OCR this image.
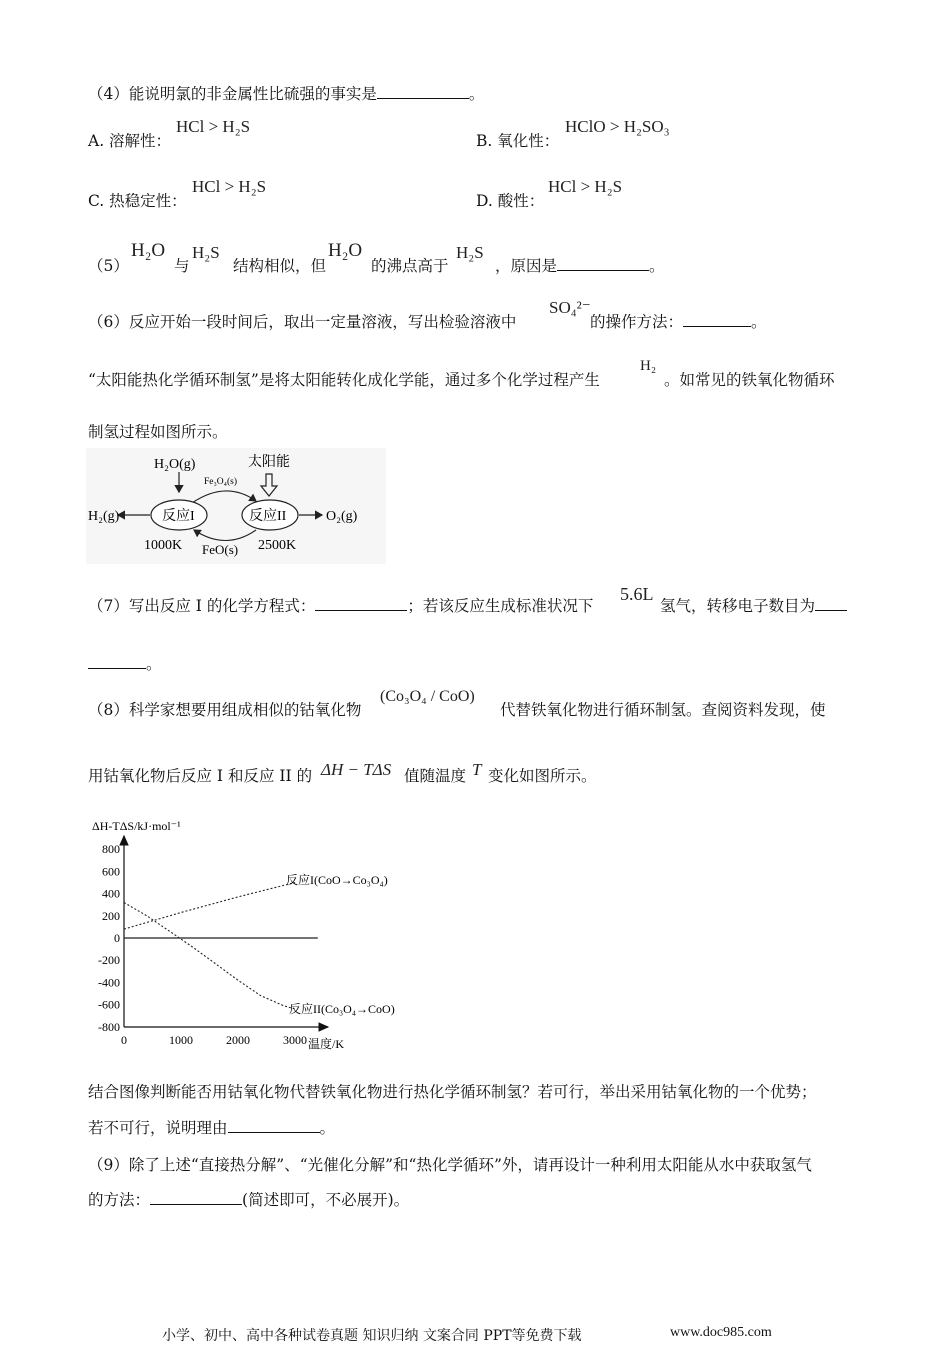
（4）能说明氯的非金属性比硫强的事实是	。
A. 溶解性：
HCl > H₂S
B. 氧化性：
HClO > H₂SO₃
C. 热稳定性：
HCl > H₂S
D. 酸性：
HCl > H₂S
（5）
H₂O
与
H₂S
结构相似，但
H₂O
的沸点高于
H₂S
，原因是	。
（6）反应开始一段时间后，取出一定量溶液，写出检验溶液中
SO₄²⁻
的操作方法：	。
“太阳能热化学循环制氢”是将太阳能转化成化学能，通过多个化学过程产生
H₂
。如常见的铁氧化物循环
制氢过程如图所示。
H₂O(g)	太阳能
Fe₃O₄(s)
反应I	反应II
H₂(g)	O₂(g)
1000K FeO(s) 2500K
（7）写出反应 I 的化学方程式：	；若该反应生成标准状况下
5.6L
氢气，转移电子数目为
。
（8）科学家想要用组成相似的钴氧化物
(Co₃O₄ / CoO)
代替铁氧化物进行循环制氢。查阅资料发现，使
用钴氧化物后反应 I 和反应 II 的 ΔH − TΔS 值随温度 T 变化如图所示。
ΔH-TΔS/kJ·mol⁻¹
800
600
400
200
0
-200
-400
-600
-800
0	1000	2000	3000
反应I(CoO→Co₃O₄)
反应II(Co₃O₄→CoO)
温度/K
结合图像判断能否用钴氧化物代替铁氧化物进行热化学循环制氢？若可行，举出采用钴氧化物的一个优势；
若不可行，说明理由	。
（9）除了上述“直接热分解”、“光催化分解”和“热化学循环”外，请再设计一种利用太阳能从水中获取氢气
的方法：	(简述即可，不必展开)。
小学、初中、高中各种试卷真题 知识归纳 文案合同 PPT等免费下载	www.doc985.com
